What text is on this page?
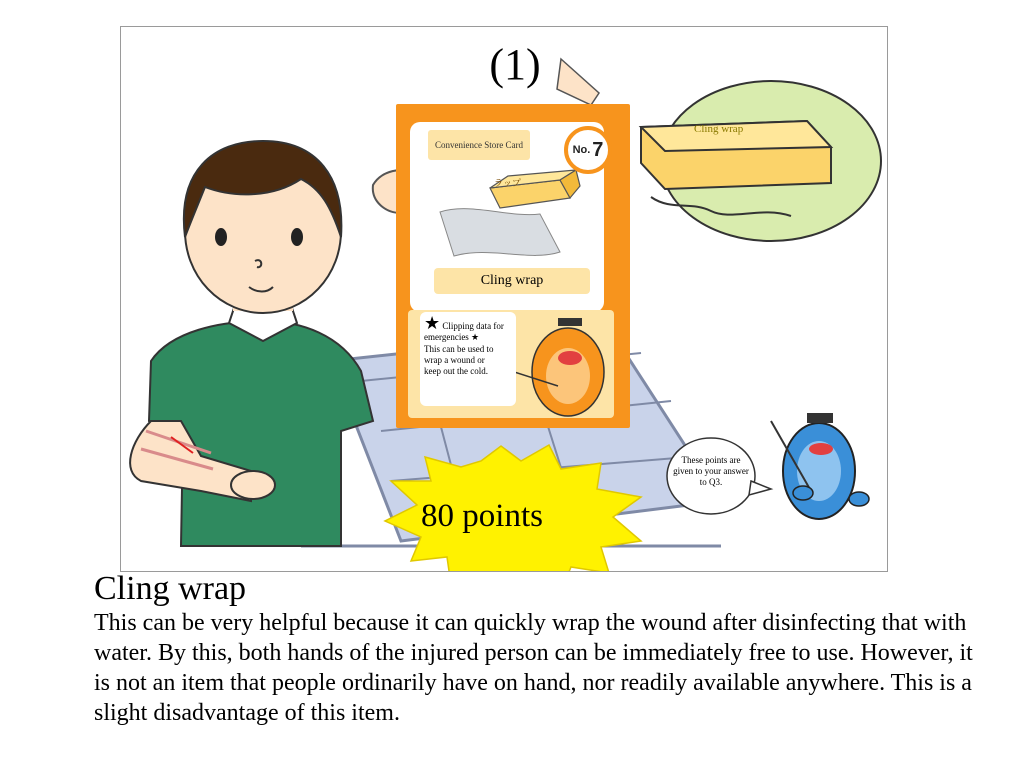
(1)
Cling wrap
Convenience Store Card	No. 7
ラップ
Cling wrap
★ Clipping data for emergencies ★
This can be used to wrap a wound or keep out the cold.
80 points
These points are given to your answer to Q3.
Cling wrap

This can be very helpful because it can quickly wrap the wound after disinfecting that with water. By this, both hands of the injured person can be immediately free to use. However, it is not an item that people ordinarily have on hand, nor readily available anywhere. This is a slight disadvantage of this item.
